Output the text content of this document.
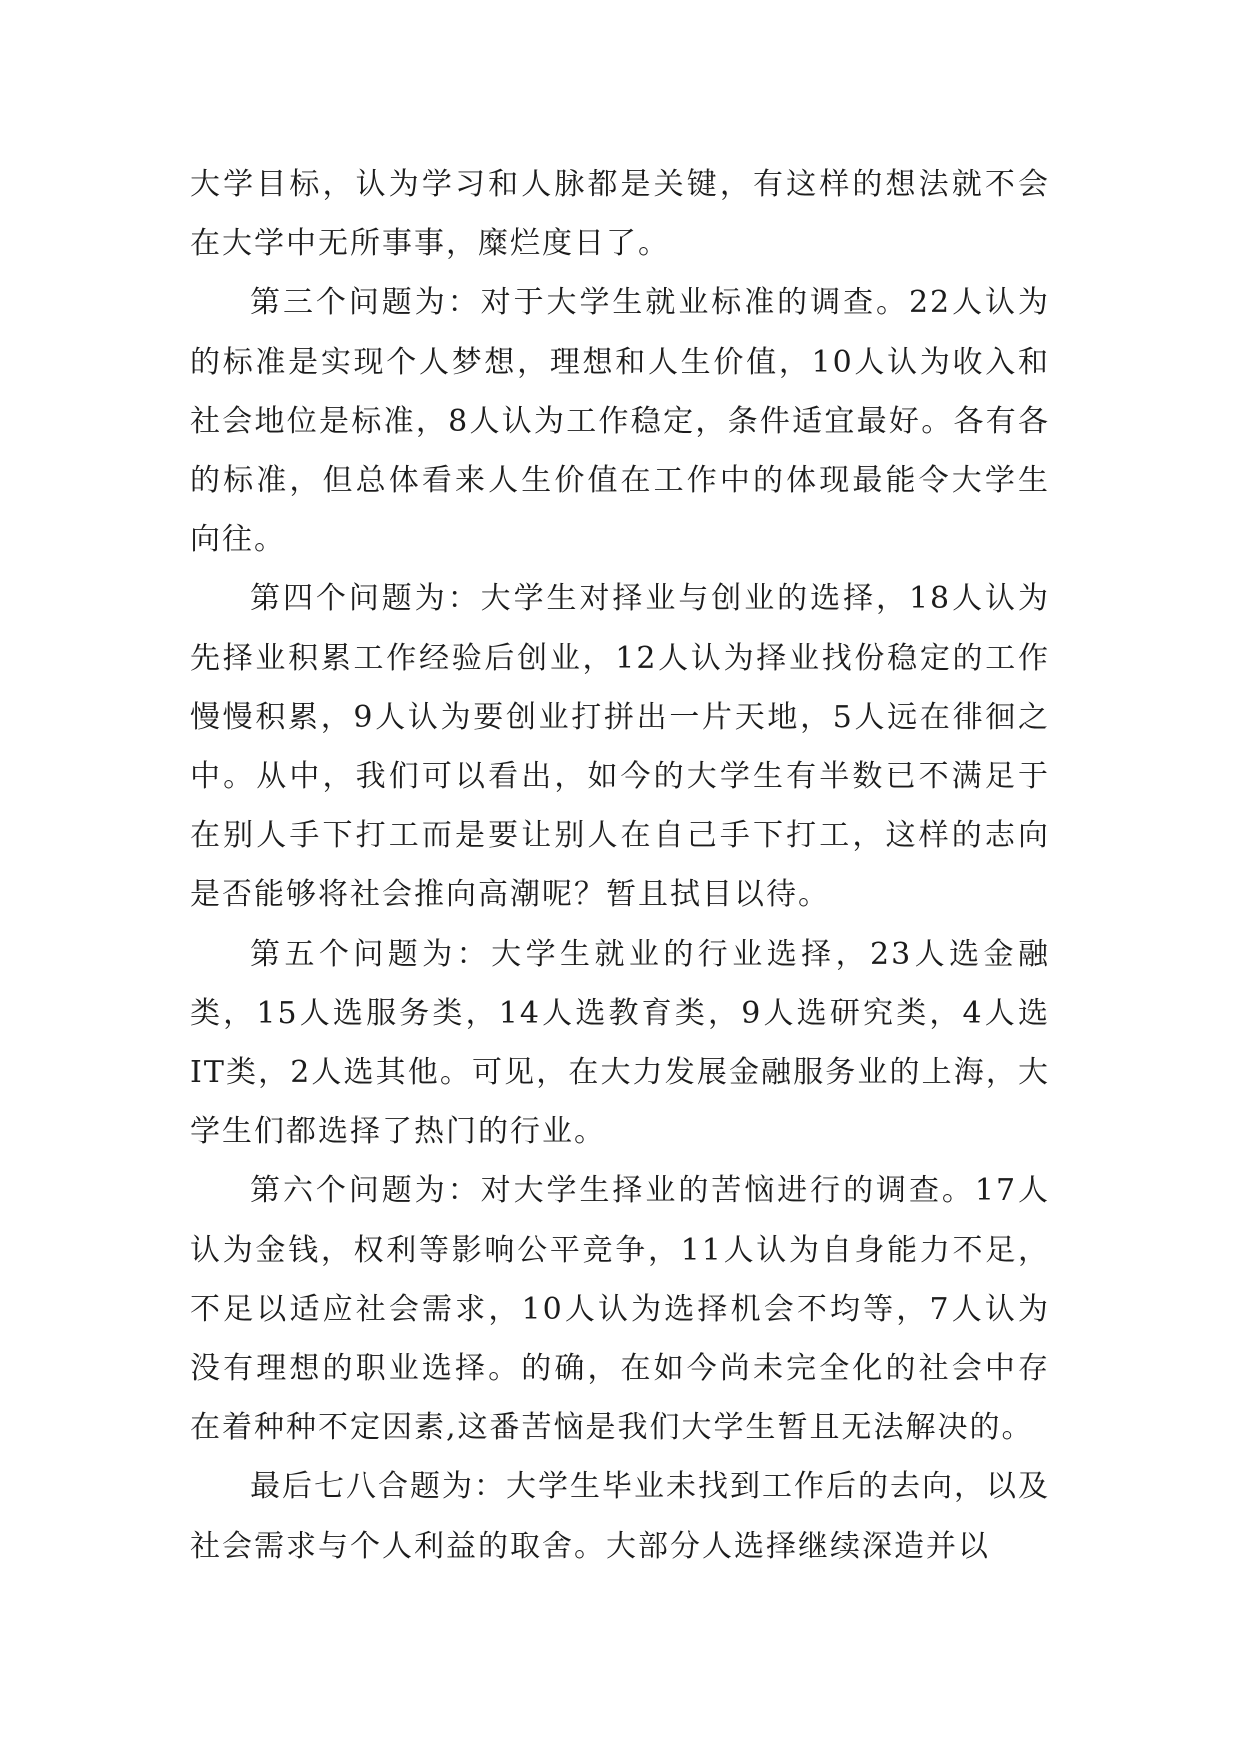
大学目标，认为学习和人脉都是关键，有这样的想法就不会在大学中无所事事，糜烂度日了。

第三个问题为：对于大学生就业标准的调查。22人认为的标准是实现个人梦想，理想和人生价值，10人认为收入和社会地位是标准，8人认为工作稳定，条件适宜最好。各有各的标准，但总体看来人生价值在工作中的体现最能令大学生向往。

第四个问题为：大学生对择业与创业的选择，18人认为先择业积累工作经验后创业，12人认为择业找份稳定的工作慢慢积累，9人认为要创业打拼出一片天地，5人远在徘徊之中。从中，我们可以看出，如今的大学生有半数已不满足于在别人手下打工而是要让别人在自己手下打工，这样的志向是否能够将社会推向高潮呢？暂且拭目以待。

第五个问题为：大学生就业的行业选择，23人选金融类，15人选服务类，14人选教育类，9人选研究类，4人选IT类，2人选其他。可见，在大力发展金融服务业的上海，大学生们都选择了热门的行业。

第六个问题为：对大学生择业的苦恼进行的调查。17人认为金钱，权利等影响公平竞争，11人认为自身能力不足，不足以适应社会需求，10人认为选择机会不均等，7人认为没有理想的职业选择。的确，在如今尚未完全化的社会中存在着种种不定因素,这番苦恼是我们大学生暂且无法解决的。

最后七八合题为：大学生毕业未找到工作后的去向，以及社会需求与个人利益的取舍。大部分人选择继续深造并以
